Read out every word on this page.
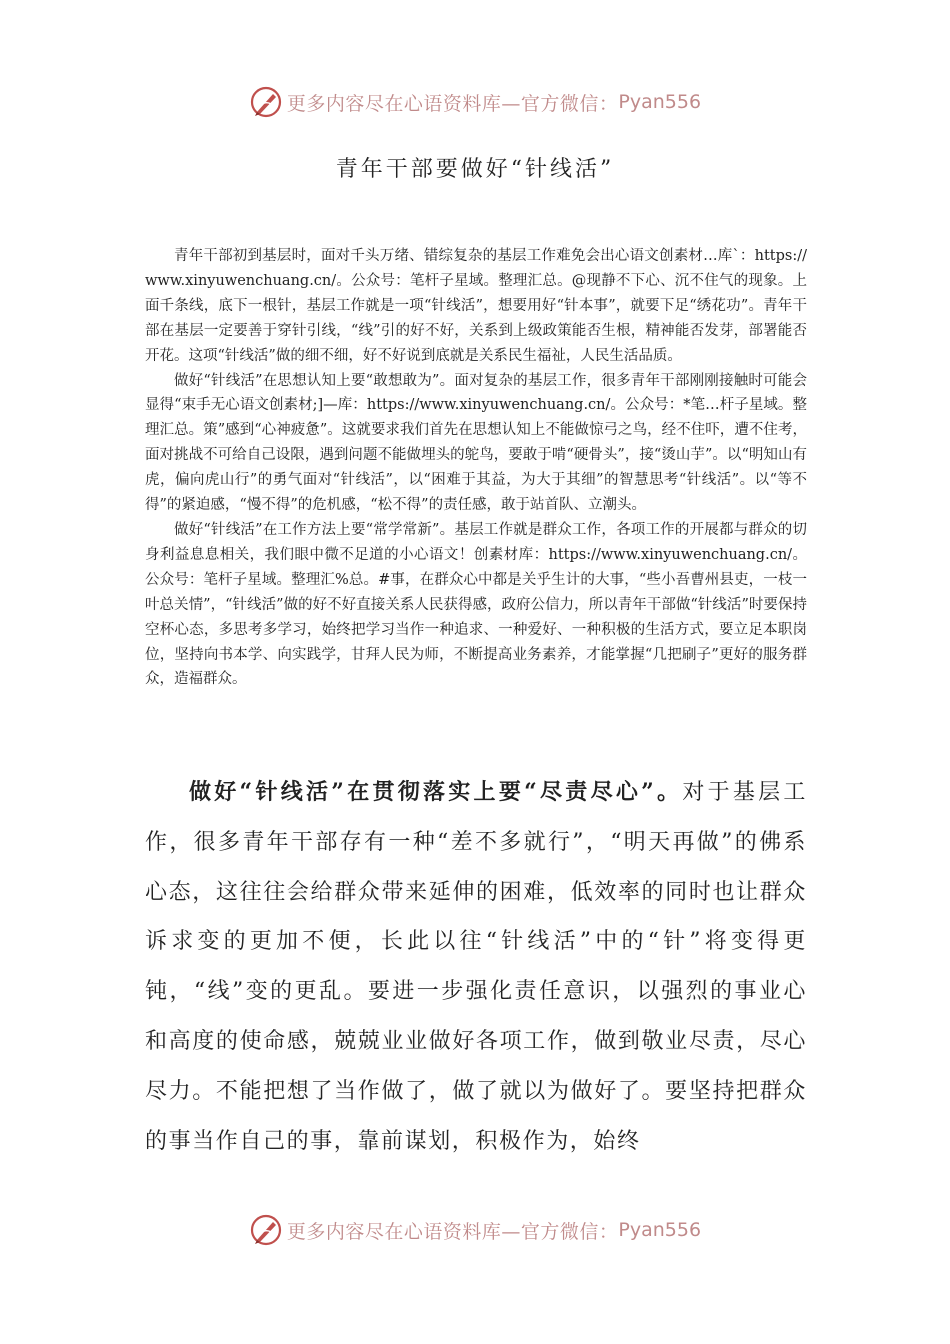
更多内容尽在心语资料库—官方微信： Pyan556
青年干部要做好“针线活”

青年干部初到基层时，面对千头万绪、错综复杂的基层工作难免会出心语文创素材…库`：https://www.xinyuwenchuang.cn/。公众号：笔杆子星域。整理汇总。@现静不下心、沉不住气的现象。上面千条线，底下一根针，基层工作就是一项“针线活”，想要用好“针本事”，就要下足“绣花功”。青年干部在基层一定要善于穿针引线，“线”引的好不好，关系到上级政策能否生根，精神能否发芽，部署能否开花。这项“针线活”做的细不细，好不好说到底就是关系民生福祉，人民生活品质。

做好“针线活”在思想认知上要“敢想敢为”。面对复杂的基层工作，很多青年干部刚刚接触时可能会显得“束手无心语文创素材;]—库：https://www.xinyuwenchuang.cn/。公众号：*笔…杆子星域。整理汇总。策”感到“心神疲惫”。这就要求我们首先在思想认知上不能做惊弓之鸟，经不住吓，遭不住考，面对挑战不可给自己设限，遇到问题不能做埋头的鸵鸟，要敢于啃“硬骨头”，接“烫山芋”。以“明知山有虎，偏向虎山行”的勇气面对“针线活”，以“困难于其益，为大于其细”的智慧思考“针线活”。以“等不得”的紧迫感，“慢不得”的危机感，“松不得”的责任感，敢于站首队、立潮头。

做好“针线活”在工作方法上要“常学常新”。基层工作就是群众工作，各项工作的开展都与群众的切身利益息息相关，我们眼中微不足道的小心语文！创素材库：https://www.xinyuwenchuang.cn/。公众号：笔杆子星域。整理汇%总。#事，在群众心中都是关乎生计的大事，“些小吾曹州县吏，一枝一叶总关情”，“针线活”做的好不好直接关系人民获得感，政府公信力，所以青年干部做“针线活”时要保持空杯心态，多思考多学习，始终把学习当作一种追求、一种爱好、一种积极的生活方式，要立足本职岗位，坚持向书本学、向实践学，甘拜人民为师，不断提高业务素养，才能掌握“几把刷子”更好的服务群众，造福群众。

做好“针线活”在贯彻落实上要“尽责尽心”。对于基层工作，很多青年干部存有一种“差不多就行”，“明天再做”的佛系心态，这往往会给群众带来延伸的困难，低效率的同时也让群众诉求变的更加不便，长此以往“针线活”中的“针”将变得更钝，“线”变的更乱。要进一步强化责任意识，以强烈的事业心和高度的使命感，兢兢业业做好各项工作，做到敬业尽责，尽心尽力。不能把想了当作做了，做了就以为做好了。要坚持把群众的事当作自己的事，靠前谋划，积极作为，始终

更多内容尽在心语资料库—官方微信： Pyan556
